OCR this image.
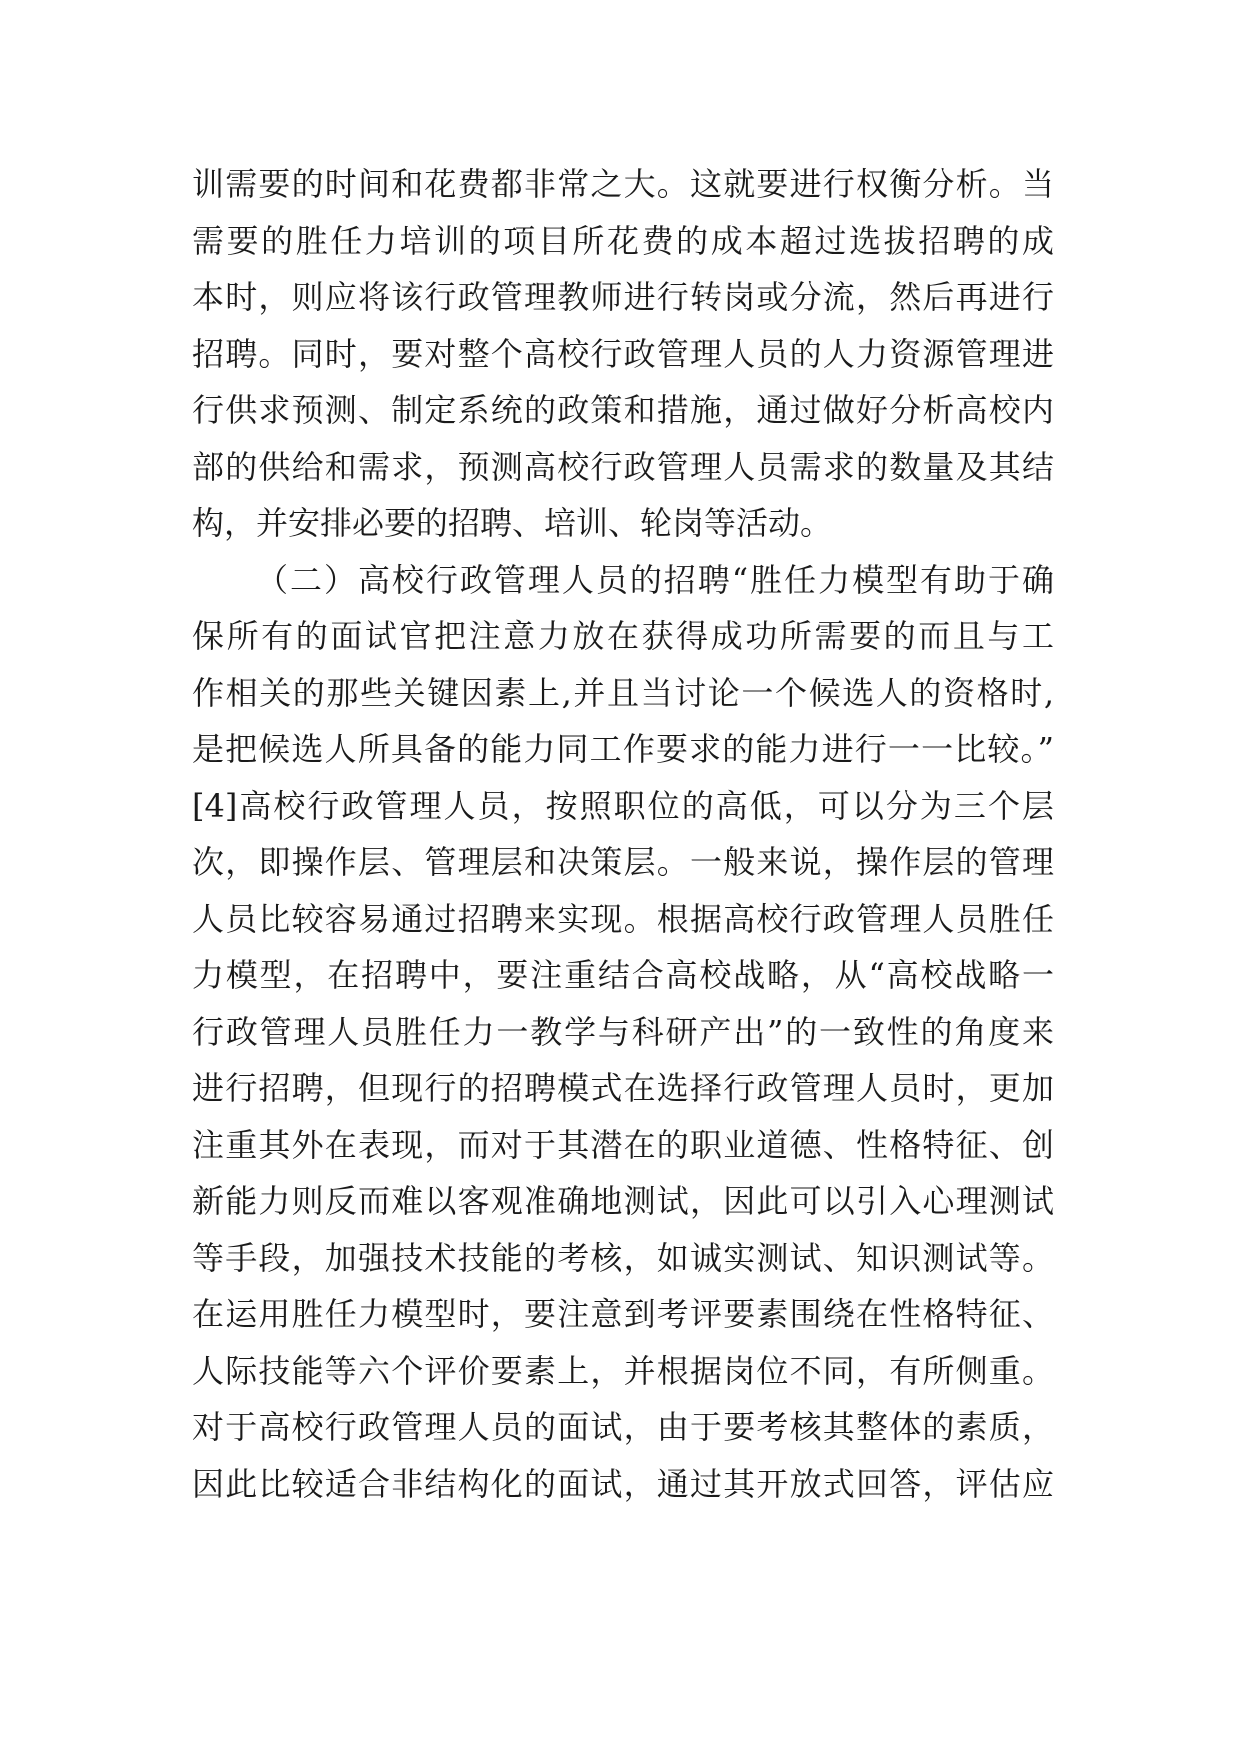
训需要的时间和花费都非常之大。这就要进行权衡分析。当
需要的胜任力培训的项目所花费的成本超过选拔招聘的成
本时，则应将该行政管理教师进行转岗或分流，然后再进行
招聘。同时，要对整个高校行政管理人员的人力资源管理进
行供求预测、制定系统的政策和措施，通过做好分析高校内
部的供给和需求，预测高校行政管理人员需求的数量及其结
构，并安排必要的招聘、培训、轮岗等活动。
（二）高校行政管理人员的招聘“胜任力模型有助于确
保所有的面试官把注意力放在获得成功所需要的而且与工
作相关的那些关键因素上,并且当讨论一个候选人的资格时,
是把候选人所具备的能力同工作要求的能力进行一一比较。”
[4]高校行政管理人员，按照职位的高低，可以分为三个层
次，即操作层、管理层和决策层。一般来说，操作层的管理
人员比较容易通过招聘来实现。根据高校行政管理人员胜任
力模型，在招聘中，要注重结合高校战略，从“高校战略一
行政管理人员胜任力一教学与科研产出”的一致性的角度来
进行招聘，但现行的招聘模式在选择行政管理人员时，更加
注重其外在表现，而对于其潜在的职业道德、性格特征、创
新能力则反而难以客观准确地测试，因此可以引入心理测试
等手段，加强技术技能的考核，如诚实测试、知识测试等。
在运用胜任力模型时，要注意到考评要素围绕在性格特征、
人际技能等六个评价要素上，并根据岗位不同，有所侧重。
对于高校行政管理人员的面试，由于要考核其整体的素质，
因此比较适合非结构化的面试，通过其开放式回答，评估应
